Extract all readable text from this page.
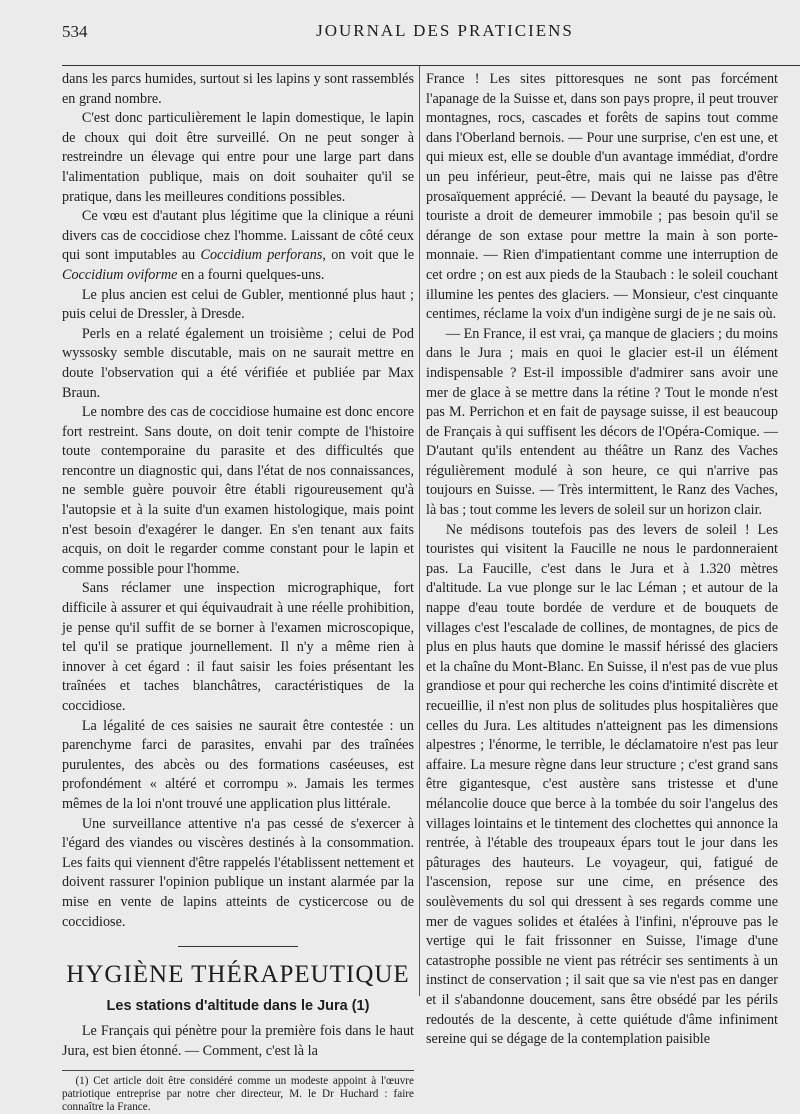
534	JOURNAL DES PRATICIENS

dans les parcs humides, surtout si les lapins y sont rassemblés en grand nombre.

C'est donc particulièrement le lapin domestique, le lapin de choux qui doit être surveillé. On ne peut songer à restreindre un élevage qui entre pour une large part dans l'alimentation publique, mais on doit souhaiter qu'il se pratique, dans les meilleures conditions possibles.

Ce vœu est d'autant plus légitime que la clinique a réuni divers cas de coccidiose chez l'homme. Laissant de côté ceux qui sont imputables au Coccidium perforans, on voit que le Coccidium oviforme en a fourni quelques-uns.

Le plus ancien est celui de Gubler, mentionné plus haut ; puis celui de Dressler, à Dresde.

Perls en a relaté également un troisième ; celui de Pod wyssosky semble discutable, mais on ne saurait mettre en doute l'observation qui a été vérifiée et publiée par Max Braun.

Le nombre des cas de coccidiose humaine est donc encore fort restreint. Sans doute, on doit tenir compte de l'histoire toute contemporaine du parasite et des difficultés que rencontre un diagnostic qui, dans l'état de nos connaissances, ne semble guère pouvoir être établi rigoureusement qu'à l'autopsie et à la suite d'un examen histologique, mais point n'est besoin d'exagérer le danger. En s'en tenant aux faits acquis, on doit le regarder comme constant pour le lapin et comme possible pour l'homme.

Sans réclamer une inspection micrographique, fort difficile à assurer et qui équivaudrait à une réelle prohibition, je pense qu'il suffit de se borner à l'examen microscopique, tel qu'il se pratique journellement. Il n'y a même rien à innover à cet égard : il faut saisir les foies présentant les traînées et taches blanchâtres, caractéristiques de la coccidiose.

La légalité de ces saisies ne saurait être contestée : un parenchyme farci de parasites, envahi par des traînées purulentes, des abcès ou des formations caséeuses, est profondément « altéré et corrompu ». Jamais les termes mêmes de la loi n'ont trouvé une application plus littérale.

Une surveillance attentive n'a pas cessé de s'exercer à l'égard des viandes ou viscères destinés à la consommation. Les faits qui viennent d'être rappelés l'établissent nettement et doivent rassurer l'opinion publique un instant alarmée par la mise en vente de lapins atteints de cysticercose ou de coccidiose.

HYGIÈNE THÉRAPEUTIQUE
Les stations d'altitude dans le Jura (1)

Le Français qui pénètre pour la première fois dans le haut Jura, est bien étonné. — Comment, c'est là la

(1) Cet article doit être considéré comme un modeste appoint à l'œuvre patriotique entreprise par notre cher directeur, M. le Dr Huchard : faire connaître la France.

France ! Les sites pittoresques ne sont pas forcément l'apanage de la Suisse et, dans son pays propre, il peut trouver montagnes, rocs, cascades et forêts de sapins tout comme dans l'Oberland bernois. — Pour une surprise, c'en est une, et qui mieux est, elle se double d'un avantage immédiat, d'ordre un peu inférieur, peut-être, mais qui ne laisse pas d'être prosaïquement apprécié. — Devant la beauté du paysage, le touriste a droit de demeurer immobile ; pas besoin qu'il se dérange de son extase pour mettre la main à son porte-monnaie. — Rien d'impatientant comme une interruption de cet ordre ; on est aux pieds de la Staubach : le soleil couchant illumine les pentes des glaciers. — Monsieur, c'est cinquante centimes, réclame la voix d'un indigène surgi de je ne sais où.

— En France, il est vrai, ça manque de glaciers ; du moins dans le Jura ; mais en quoi le glacier est-il un élément indispensable ? Est-il impossible d'admirer sans avoir une mer de glace à se mettre dans la rétine ? Tout le monde n'est pas M. Perrichon et en fait de paysage suisse, il est beaucoup de Français à qui suffisent les décors de l'Opéra-Comique. — D'autant qu'ils entendent au théâtre un Ranz des Vaches régulièrement modulé à son heure, ce qui n'arrive pas toujours en Suisse. — Très intermittent, le Ranz des Vaches, là bas ; tout comme les levers de soleil sur un horizon clair.

Ne médisons toutefois pas des levers de soleil ! Les touristes qui visitent la Faucille ne nous le pardonneraient pas. La Faucille, c'est dans le Jura et à 1.320 mètres d'altitude. La vue plonge sur le lac Léman ; et autour de la nappe d'eau toute bordée de verdure et de bouquets de villages c'est l'escalade de collines, de montagnes, de pics de plus en plus hauts que domine le massif hérissé des glaciers et la chaîne du Mont-Blanc. En Suisse, il n'est pas de vue plus grandiose et pour qui recherche les coins d'intimité discrète et recueillie, il n'est non plus de solitudes plus hospitalières que celles du Jura. Les altitudes n'atteignent pas les dimensions alpestres ; l'énorme, le terrible, le déclamatoire n'est pas leur affaire. La mesure règne dans leur structure ; c'est grand sans être gigantesque, c'est austère sans tristesse et d'une mélancolie douce que berce à la tombée du soir l'angelus des villages lointains et le tintement des clochettes qui annonce la rentrée, à l'étable des troupeaux épars tout le jour dans les pâturages des hauteurs. Le voyageur, qui, fatigué de l'ascension, repose sur une cime, en présence des soulèvements du sol qui dressent à ses regards comme une mer de vagues solides et étalées à l'infini, n'éprouve pas le vertige qui le fait frissonner en Suisse, l'image d'une catastrophe possible ne vient pas rétrécir ses sentiments à un instinct de conservation ; il sait que sa vie n'est pas en danger et il s'abandonne doucement, sans être obsédé par les périls redoutés de la descente, à cette quiétude d'âme infiniment sereine qui se dégage de la contemplation paisible
